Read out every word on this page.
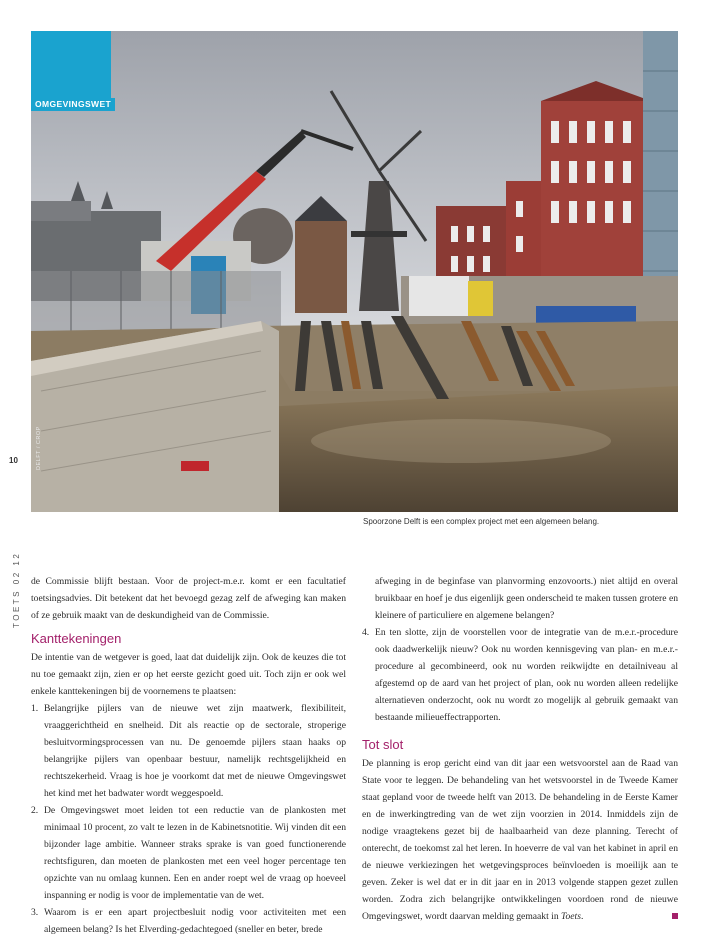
OMGEVINGSWET
DELFT / CROP
Spoorzone Delft is een complex project met een algemeen belang.
10
TOETS 02 12 de Commissie blijft bestaan. Voor de project-m.e.r. komt er een facultatief toetsingsadvies. Dit betekent dat het bevoegd gezag zelf de afweging kan maken of ze gebruik maakt van de deskundigheid van de Commissie.

Kanttekeningen

De intentie van de wetgever is goed, laat dat duidelijk zijn. Ook de keuzes die tot nu toe gemaakt zijn, zien er op het eerste gezicht goed uit. Toch zijn er ook wel enkele kanttekeningen bij de voornemens te plaatsen:

1. Belangrijke pijlers van de nieuwe wet zijn maatwerk, flexibiliteit, vraaggerichtheid en snelheid. Dit als reactie op de sectorale, stroperige besluitvormingsprocessen van nu. De genoemde pijlers staan haaks op belangrijke pijlers van openbaar bestuur, namelijk rechtsgelijkheid en rechtszekerheid. Vraag is hoe je voorkomt dat met de nieuwe Omgevingswet het kind met het badwater wordt weggespoeld.
2. De Omgevingswet moet leiden tot een reductie van de plankosten met minimaal 10 procent, zo valt te lezen in de Kabinetsnotitie. Wij vinden dit een bijzonder lage ambitie. Wanneer straks sprake is van goed functionerende rechtsfiguren, dan moeten de plankosten met een veel hoger percentage ten opzichte van nu omlaag kunnen. Een en ander roept wel de vraag op hoeveel inspanning er nodig is voor de implementatie van de wet.
3. Waarom is er een apart projectbesluit nodig voor activiteiten met een algemeen belang? Is het Elverding-gedachtegoed (sneller en beter, brede

afweging in de beginfase van planvorming enzovoorts.) niet altijd en overal bruikbaar en hoef je dus eigenlijk geen onderscheid te maken tussen grotere en kleinere of particuliere en algemene belangen?

4. En ten slotte, zijn de voorstellen voor de integratie van de m.e.r.-procedure ook daadwerkelijk nieuw? Ook nu worden kennisgeving van plan- en m.e.r.-procedure al gecombineerd, ook nu worden reikwijdte en detailniveau al afgestemd op de aard van het project of plan, ook nu worden alleen redelijke alternatieven onderzocht, ook nu wordt zo mogelijk al gebruik gemaakt van bestaande milieueffectrapporten.
Tot slot

De planning is erop gericht eind van dit jaar een wetsvoorstel aan de Raad van State voor te leggen. De behandeling van het wetsvoorstel in de Tweede Kamer staat gepland voor de tweede helft van 2013. De behandeling in de Eerste Kamer en de inwerkingtreding van de wet zijn voorzien in 2014. Inmiddels zijn de nodige vraagtekens gezet bij de haalbaarheid van deze planning. Terecht of onterecht, de toekomst zal het leren. In hoeverre de val van het kabinet in april en de nieuwe verkiezingen het wetgevingsproces beïnvloeden is moeilijk aan te geven. Zeker is wel dat er in dit jaar en in 2013 volgende stappen gezet zullen worden. Zodra zich belangrijke ontwikkelingen voordoen rond de nieuwe Omgevingswet, wordt daarvan melding gemaakt in Toets.
